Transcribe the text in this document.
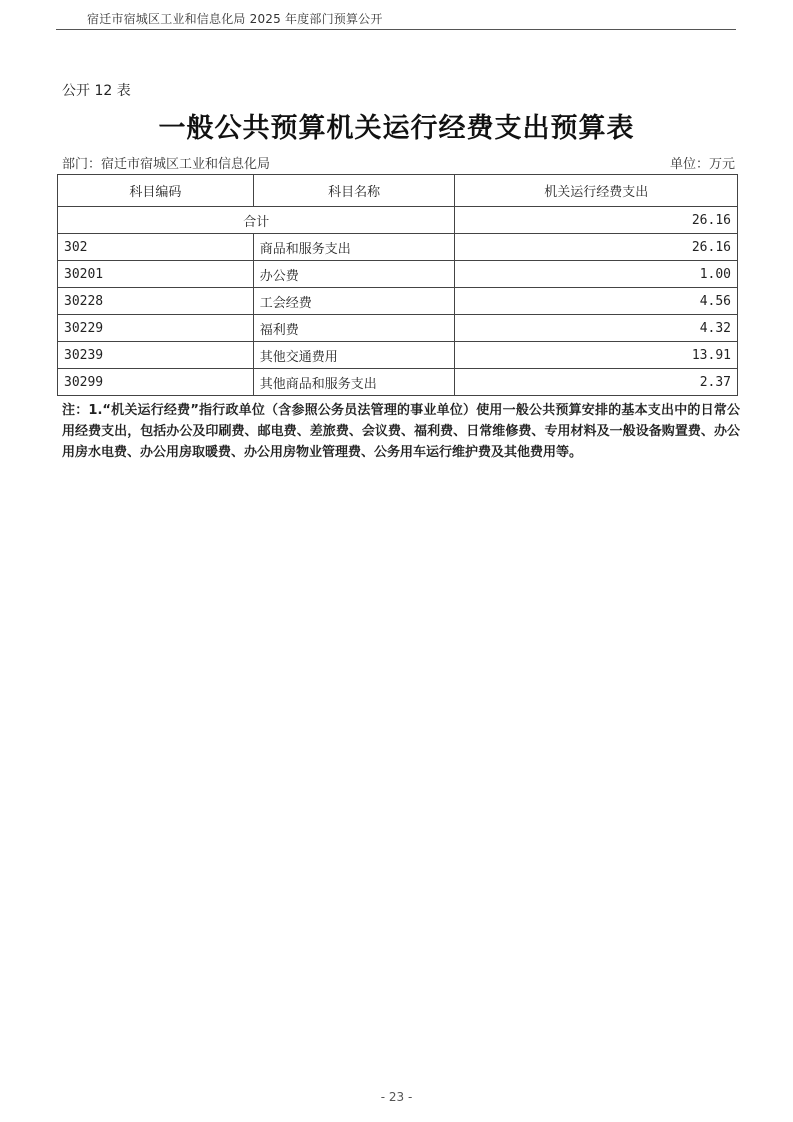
宿迁市宿城区工业和信息化局 2025 年度部门预算公开
公开 12 表
一般公共预算机关运行经费支出预算表
部门：宿迁市宿城区工业和信息化局	单位：万元
科目编码	科目名称	机关运行经费支出
合计		26.16
302	商品和服务支出	26.16
30201	办公费	1.00
30228	工会经费	4.56
30229	福利费	4.32
30239	其他交通费用	13.91
30299	其他商品和服务支出	2.37
注：1.“机关运行经费”指行政单位（含参照公务员法管理的事业单位）使用一般公共预算安排的基本支出中的日常公用经费支出，包括办公及印刷费、邮电费、差旅费、会议费、福利费、日常维修费、专用材料及一般设备购置费、办公用房水电费、办公用房取暖费、办公用房物业管理费、公务用车运行维护费及其他费用等。
- 23 -
